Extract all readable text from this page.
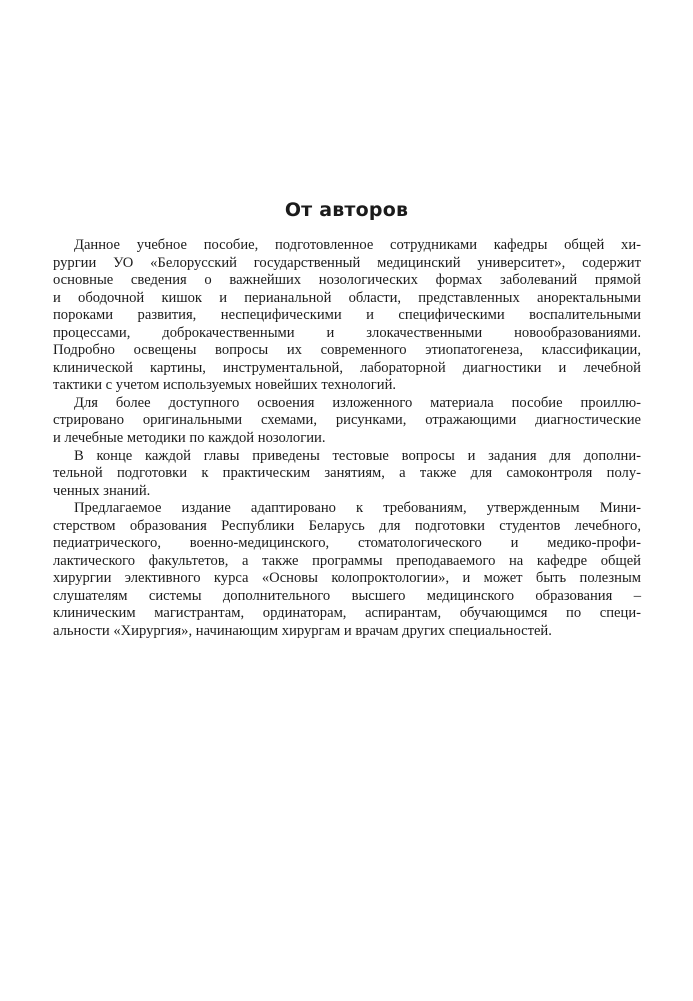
От авторов
Данное учебное пособие, подготовленное сотрудниками кафедры общей хи-
рургии УО «Белорусский государственный медицинский университет», содержит
основные сведения о важнейших нозологических формах заболеваний прямой
и ободочной кишок и перианальной области, представленных аноректальными
пороками развития, неспецифическими и специфическими воспалительными
процессами, доброкачественными и злокачественными новообразованиями.
Подробно освещены вопросы их современного этиопатогенеза, классификации,
клинической картины, инструментальной, лабораторной диагностики и лечебной
тактики с учетом используемых новейших технологий.
Для более доступного освоения изложенного материала пособие проиллю-
стрировано оригинальными схемами, рисунками, отражающими диагностические
и лечебные методики по каждой нозологии.
В конце каждой главы приведены тестовые вопросы и задания для дополни-
тельной подготовки к практическим занятиям, а также для самоконтроля полу-
ченных знаний.
Предлагаемое издание адаптировано к требованиям, утвержденным Мини-
стерством образования Республики Беларусь для подготовки студентов лечебного,
педиатрического, военно-медицинского, стоматологического и медико-профи-
лактического факультетов, а также программы преподаваемого на кафедре общей
хирургии элективного курса «Основы колопроктологии», и может быть полезным
слушателям системы дополнительного высшего медицинского образования –
клиническим магистрантам, ординаторам, аспирантам, обучающимся по специ-
альности «Хирургия», начинающим хирургам и врачам других специальностей.
